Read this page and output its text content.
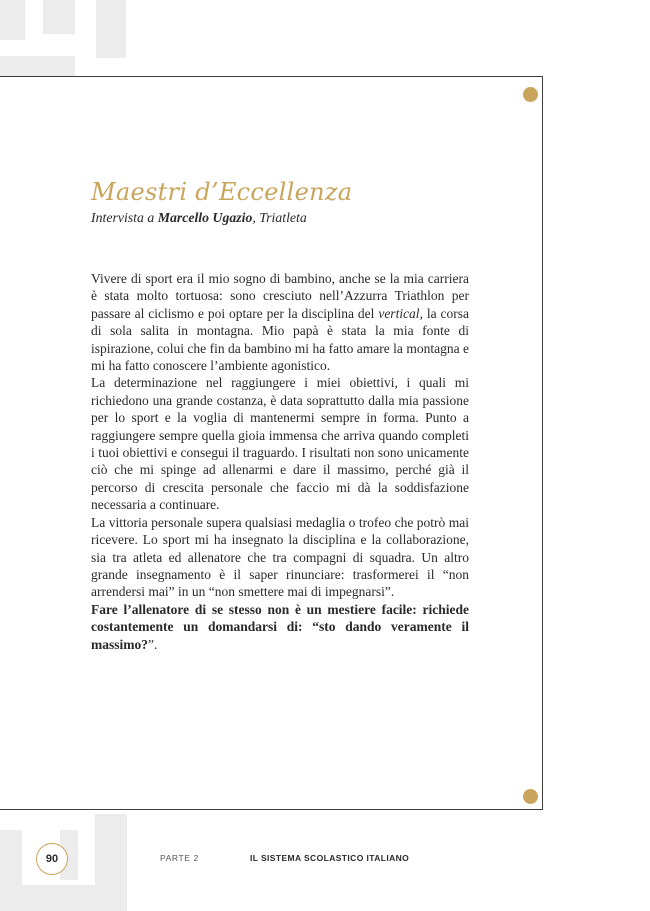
Maestri d’Eccellenza

Intervista a Marcello Ugazio, Triatleta

Vivere di sport era il mio sogno di bambino, anche se la mia carriera è stata molto tortuosa: sono cresciuto nell’Azzurra Triathlon per passare al ciclismo e poi optare per la disciplina del vertical, la corsa di sola salita in montagna. Mio papà è stata la mia fonte di ispirazione, colui che fin da bambino mi ha fatto amare la montagna e mi ha fatto conoscere l’ambiente agonistico.

La determinazione nel raggiungere i miei obiettivi, i quali mi richiedono una grande costanza, è data soprattutto dalla mia passione per lo sport e la voglia di mantenermi sempre in forma. Punto a raggiungere sempre quella gioia immensa che arriva quando completi i tuoi obiettivi e consegui il traguardo. I risultati non sono unicamente ciò che mi spinge ad allenarmi e dare il massimo, perché già il percorso di crescita personale che faccio mi dà la soddisfazione necessaria a continuare.

La vittoria personale supera qualsiasi medaglia o trofeo che potrò mai ricevere. Lo sport mi ha insegnato la disciplina e la collaborazione, sia tra atleta ed allenatore che tra compagni di squadra. Un altro grande insegnamento è il saper rinunciare: trasformerei il “non arrendersi mai” in un “non smettere mai di impegnarsi”.

Fare l’allenatore di se stesso non è un mestiere facile: richiede costantemente un domandarsi di: “sto dando veramente il massimo?”.

90	PARTE 2	IL SISTEMA SCOLASTICO ITALIANO
